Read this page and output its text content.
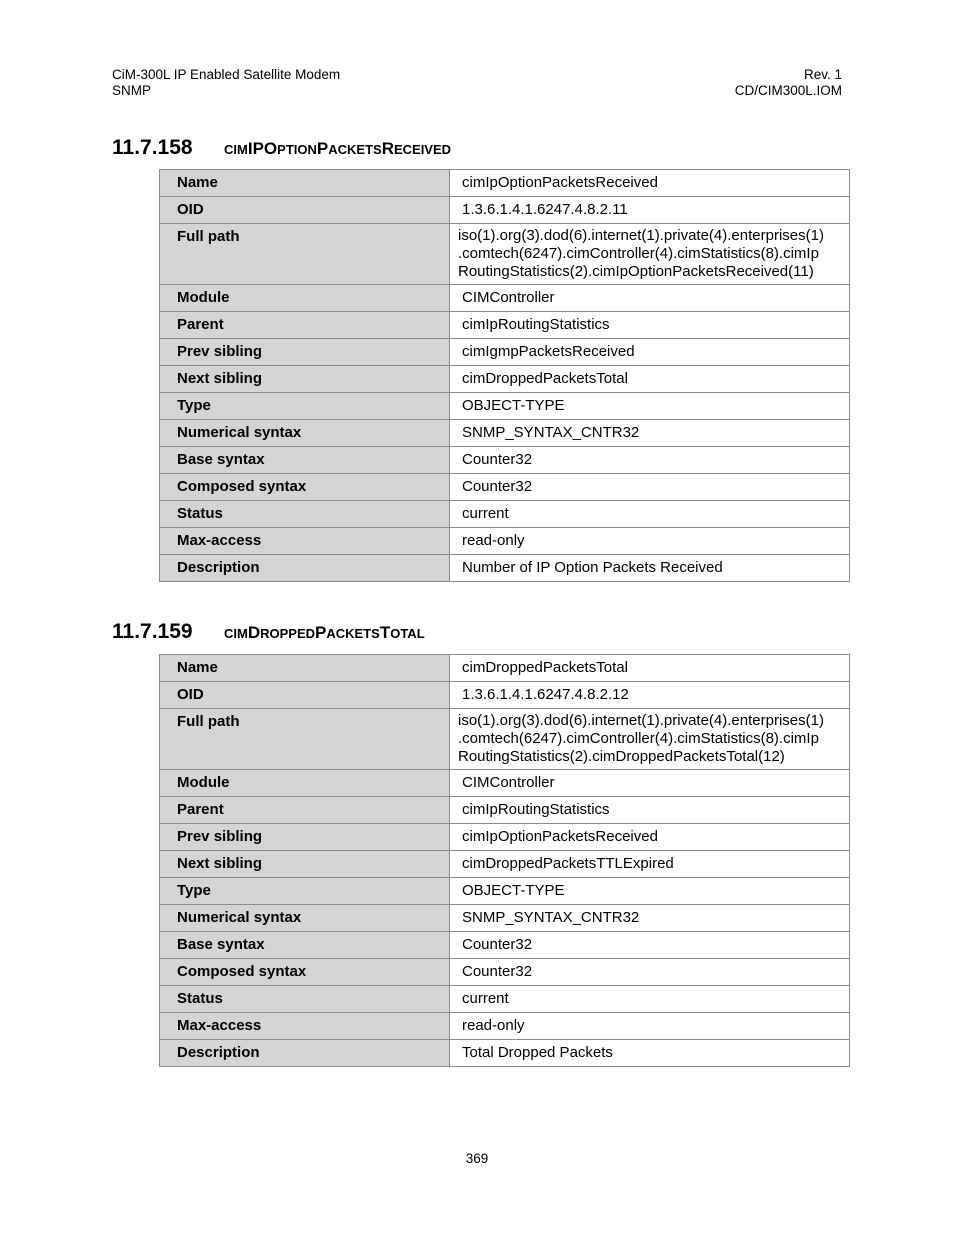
CiM-300L IP Enabled Satellite Modem
SNMP
Rev. 1
CD/CIM300L.IOM
11.7.158	CIMIPOPTIONPACKETSRECEIVED
Name	cimIpOptionPacketsReceived
OID	1.3.6.1.4.1.6247.4.8.2.11
Full path	iso(1).org(3).dod(6).internet(1).private(4).enterprises(1)
.comtech(6247).cimController(4).cimStatistics(8).cimIp
RoutingStatistics(2).cimIpOptionPacketsReceived(11)

Module	CIMController
Parent	cimIpRoutingStatistics
Prev sibling	cimIgmpPacketsReceived
Next sibling	cimDroppedPacketsTotal
Type	OBJECT-TYPE
Numerical syntax	SNMP_SYNTAX_CNTR32
Base syntax	Counter32
Composed syntax	Counter32
Status	current
Max-access	read-only
Description	Number of IP Option Packets Received
11.7.159	CIMDROPPEDPACKETSTOTAL
Name	cimDroppedPacketsTotal
OID	1.3.6.1.4.1.6247.4.8.2.12
Full path	iso(1).org(3).dod(6).internet(1).private(4).enterprises(1)
.comtech(6247).cimController(4).cimStatistics(8).cimIp
RoutingStatistics(2).cimDroppedPacketsTotal(12)

Module	CIMController
Parent	cimIpRoutingStatistics
Prev sibling	cimIpOptionPacketsReceived
Next sibling	cimDroppedPacketsTTLExpired
Type	OBJECT-TYPE
Numerical syntax	SNMP_SYNTAX_CNTR32
Base syntax	Counter32
Composed syntax	Counter32
Status	current
Max-access	read-only
Description	Total Dropped Packets
369
